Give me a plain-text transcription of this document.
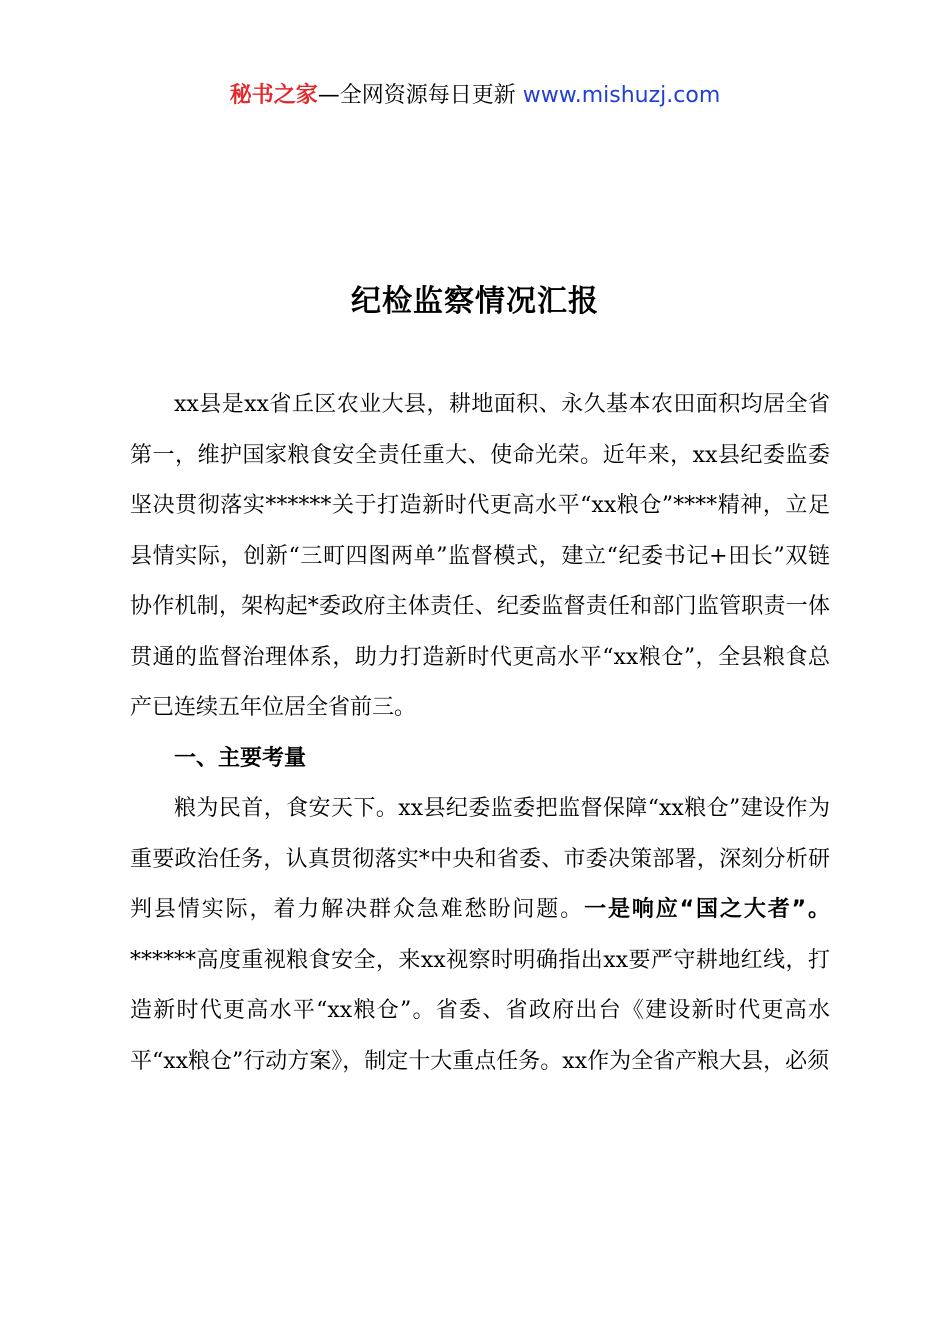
秘书之家—全网资源每日更新 www.mishuzj.com
纪检监察情况汇报

xx县是xx省丘区农业大县，耕地面积、永久基本农田面积均居全省第一，维护国家粮食安全责任重大、使命光荣。近年来，xx县纪委监委坚决贯彻落实******关于打造新时代更高水平“xx粮仓”****精神，立足县情实际，创新“三町四图两单”监督模式，建立“纪委书记+田长”双链协作机制，架构起*委政府主体责任、纪委监督责任和部门监管职责一体贯通的监督治理体系，助力打造新时代更高水平“xx粮仓”，全县粮食总产已连续五年位居全省前三。

一、主要考量

粮为民首，食安天下。xx县纪委监委把监督保障“xx粮仓”建设作为重要政治任务，认真贯彻落实*中央和省委、市委决策部署，深刻分析研判县情实际，着力解决群众急难愁盼问题。一是响应“国之大者”。******高度重视粮食安全，来xx视察时明确指出xx要严守耕地红线，打造新时代更高水平“xx粮仓”。省委、省政府出台《建设新时代更高水平“xx粮仓”行动方案》，制定十大重点任务。xx作为全省产粮大县，必须
